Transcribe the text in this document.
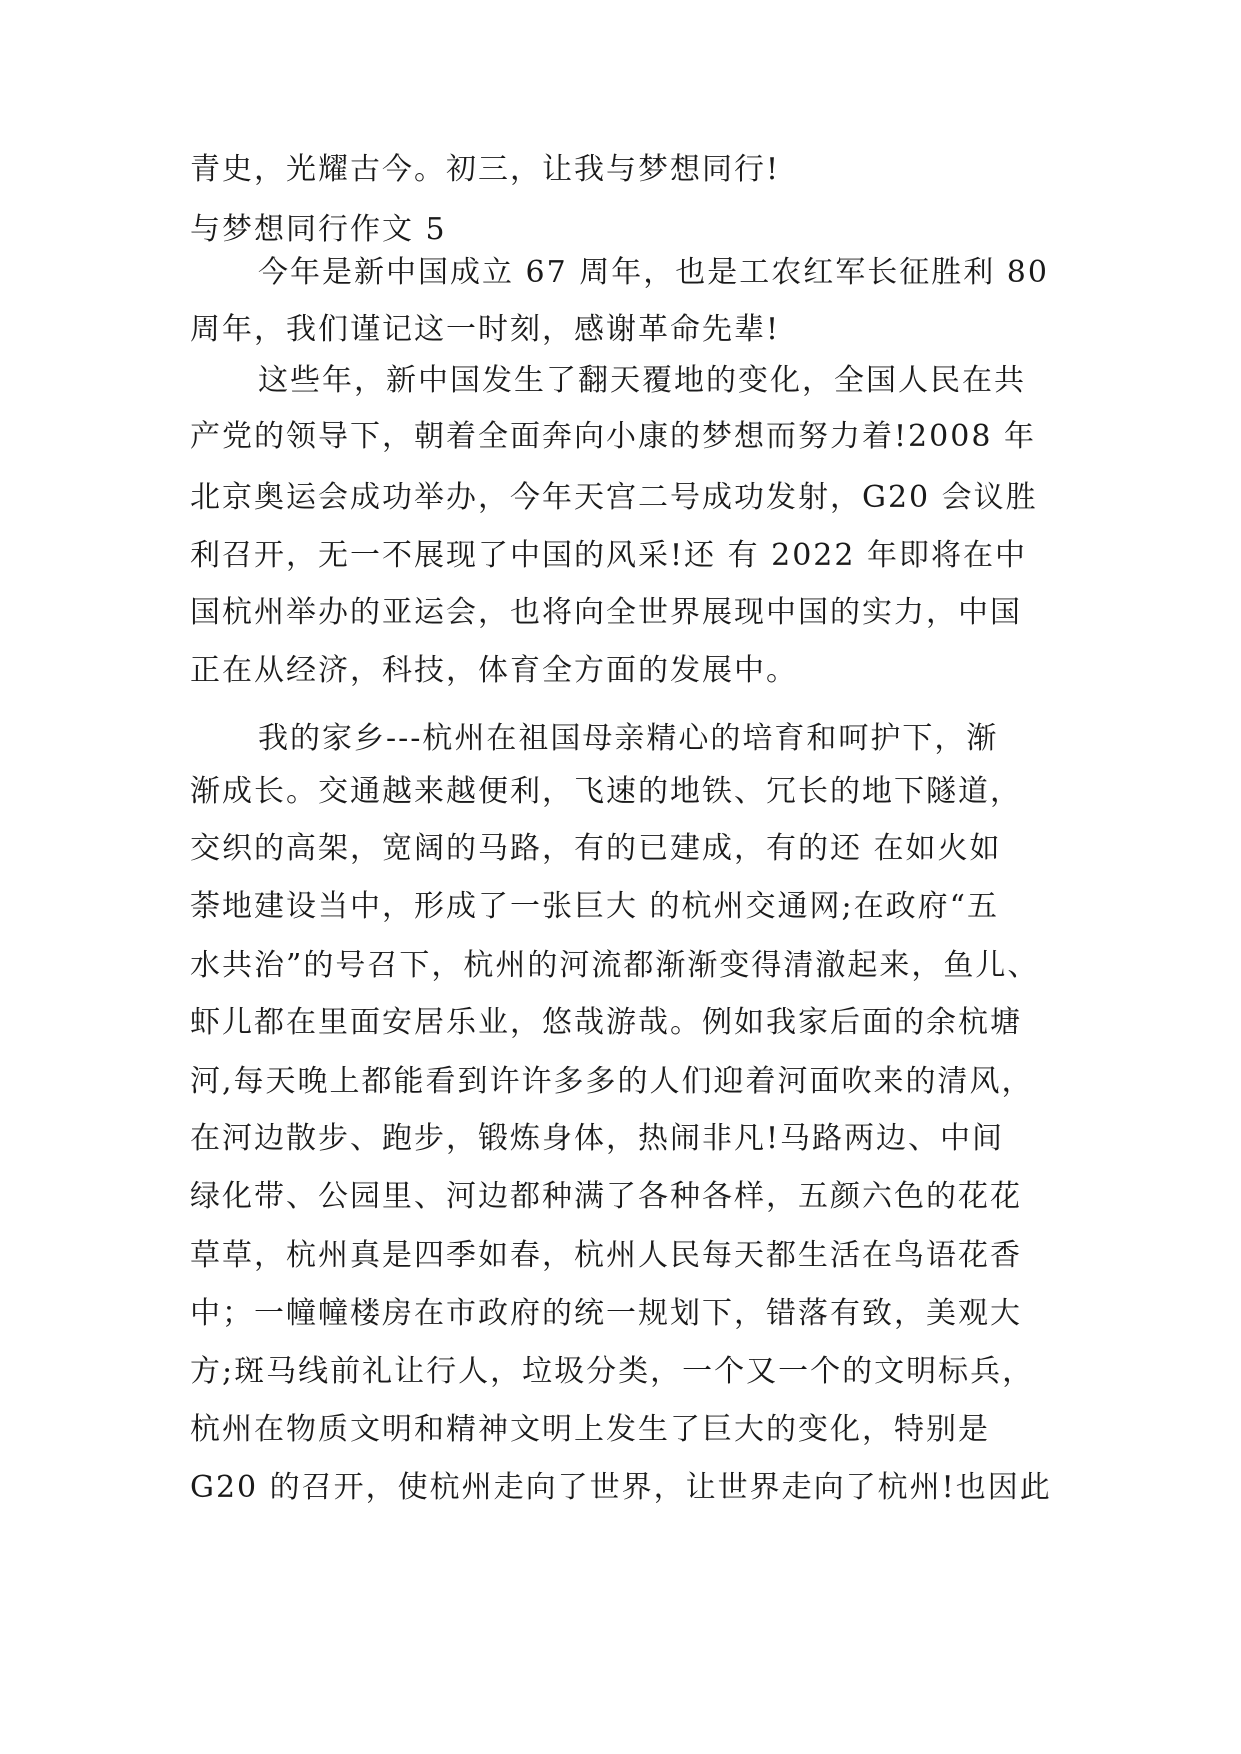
青史，光耀古今。初三，让我与梦想同行!
与梦想同行作文 5
今年是新中国成立 67 周年，也是工农红军长征胜利 80
周年，我们谨记这一时刻，感谢革命先辈!
这些年，新中国发生了翻天覆地的变化，全国人民在共
产党的领导下，朝着全面奔向小康的梦想而努力着!2008 年
北京奥运会成功举办，今年天宫二号成功发射，G20 会议胜
利召开，无一不展现了中国的风采!还 有 2022 年即将在中
国杭州举办的亚运会，也将向全世界展现中国的实力，中国
正在从经济，科技，体育全方面的发展中。
我的家乡---杭州在祖国母亲精心的培育和呵护下，渐
渐成长。交通越来越便利，飞速的地铁、冗长的地下隧道，
交织的高架，宽阔的马路，有的已建成，有的还 在如火如
荼地建设当中，形成了一张巨大 的杭州交通网;在政府“五
水共治”的号召下，杭州的河流都渐渐变得清澈起来，鱼儿、
虾儿都在里面安居乐业，悠哉游哉。例如我家后面的余杭塘
河,每天晚上都能看到许许多多的人们迎着河面吹来的清风，
在河边散步、跑步，锻炼身体，热闹非凡!马路两边、中间
绿化带、公园里、河边都种满了各种各样，五颜六色的花花
草草，杭州真是四季如春，杭州人民每天都生活在鸟语花香
中；一幢幢楼房在市政府的统一规划下，错落有致，美观大
方;斑马线前礼让行人，垃圾分类，一个又一个的文明标兵，
杭州在物质文明和精神文明上发生了巨大的变化，特别是
G20 的召开，使杭州走向了世界，让世界走向了杭州!也因此
